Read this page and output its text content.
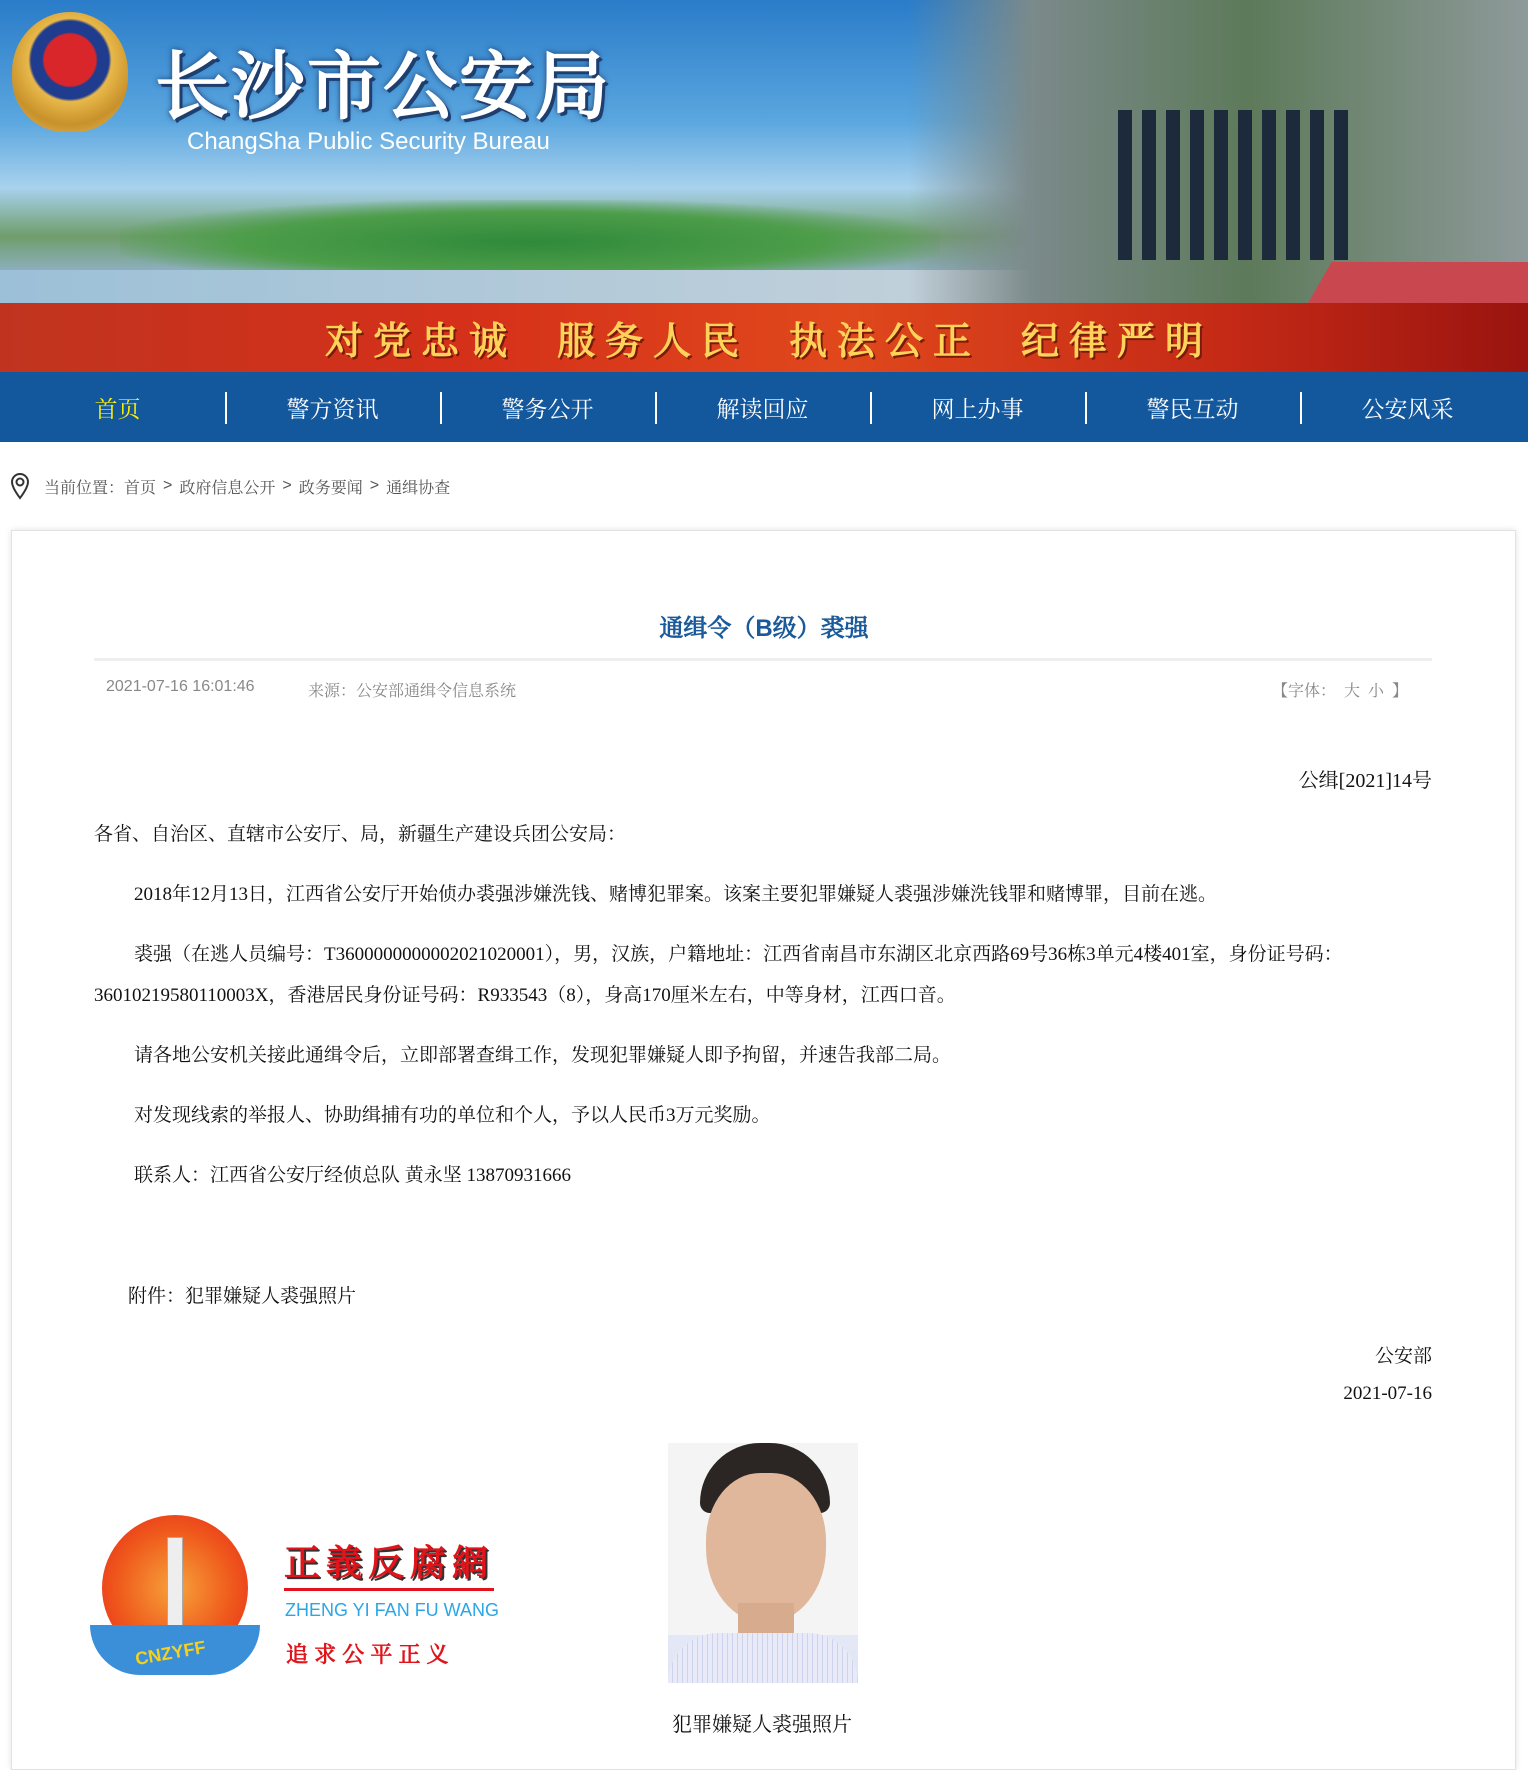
长沙市公安局
ChangSha Public Security Bureau
对党忠诚 服务人民 执法公正 纪律严明
首页	警方资讯	警务公开	解读回应	网上办事	警民互动	公安风采
当前位置： 首页 > 政府信息公开 > 政务要闻 > 通缉协查
通缉令（B级）裘强
2021-07-16 16:01:46	来源：公安部通缉令信息系统	【字体： 大 小 】
公缉[2021]14号
各省、自治区、直辖市公安厅、局，新疆生产建设兵团公安局：
2018年12月13日，江西省公安厅开始侦办裘强涉嫌洗钱、赌博犯罪案。该案主要犯罪嫌疑人裘强涉嫌洗钱罪和赌博罪，目前在逃。
裘强（在逃人员编号：T3600000000002021020001），男，汉族，户籍地址：江西省南昌市东湖区北京西路69号36栋3单元4楼401室，身份证号码：
36010219580110003X，香港居民身份证号码：R933543（8），身高170厘米左右，中等身材，江西口音。
请各地公安机关接此通缉令后，立即部署查缉工作，发现犯罪嫌疑人即予拘留，并速告我部二局。
对发现线索的举报人、协助缉捕有功的单位和个人，予以人民币3万元奖励。
联系人：江西省公安厅经侦总队 黄永坚 13870931666
附件：犯罪嫌疑人裘强照片
公安部
2021-07-16
CNZYFF
正義反腐網
ZHENG YI FAN FU WANG
追 求 公 平 正 义
犯罪嫌疑人裘强照片
